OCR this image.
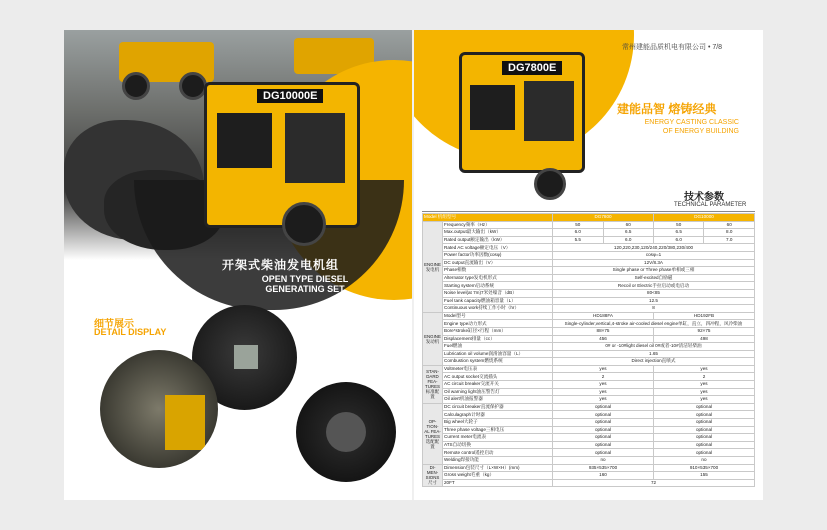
DG10000E
开架式柴油发电机组
OPEN TYPE DIESEL
GENERATING SET
细节展示
DETAIL DISPLAY
常州建能品质机电有限公司 • 7/8
DG7800E
建能品智 熔铸经典
ENERGY CASTING CLASSIC
OF ENERGY BUILDING
技术参数
TECHNICAL PARAMETER
Model 机组型号		DG7800		DG10000	
ENGINE 发电机	Frequency频率（Hz）	50	60	50	60
	Max.output最大输出（kW）	6.0	6.5	6.5	8.0
	Rated output额定输出（kW）	5.5	6.0	6.0	7.0
	Rated AC voltage额定电压（V）	120,220,230,120/240,220/380,230/400			
	Power factor功率因数(cosφ)	cosφ=1			
	DC output直流输出（V）	12V/8.3A			
	Phase相数	Single phase or Three phase单相或三相			
	Alternator type发电机形式	Self-excited自励磁			
	Starting system启动系统	Recoil or Electric手拉启动或电启动			
	Noise level(at 7m)7米处噪音（dB）	80<85			
	Fuel tank capacity燃油箱容量（L）	12.5			
	Continuous work持续工作小时（hr）	8			
ENGINE 发动机	Model型号	HD188FA		HD192FB	
	Engine type动力形式	Single-cylinder,vertical,4-stroke air-cooled diesel engine单缸，直立，四冲程，风冷柴油			
	Bore*stroke缸径×行程（mm）	88×75		92×75	
	Displacement排量（cc）	456		498	
	Fuel燃油	0# or -10#light diesel oil 0#或者-10#清洁轻柴油			
	Lubrication oil volume润滑油容量（L）	1.65			
	Combustion system燃烧系统	Direct injection直喷式			
STAN-DARD FEA-TURES 标准配置	Voltmeter电压表	yes		yes	
	AC output socket交流插头	2		2	
	AC circuit breaker交流开关	yes		yes	
	Oil warning light油压警告灯	yes		yes	
	Oil alert机油报警器	yes		yes	
OP-TION-AL FEA-TURES 选配配置	DC circuit breaker直流保护器	optional		optional	
	Calculagraph计时器	optional		optional	
	Big wheel大轮子	optional		optional	
	Three phase voltage三相电压	optional		optional	
	Current meter电流表	optional		optional	
	ATS自动切换	optional		optional	
	Remote control遥控启动	optional		optional	
	Welding焊接功能	no		no	
DI-MEN-SIONS 尺寸	Dimension包装尺寸（L×W×H）(mm)	935×535×700		910×535×700	
	Gross weight毛重（kg）	160		155	
	20FT	72			
